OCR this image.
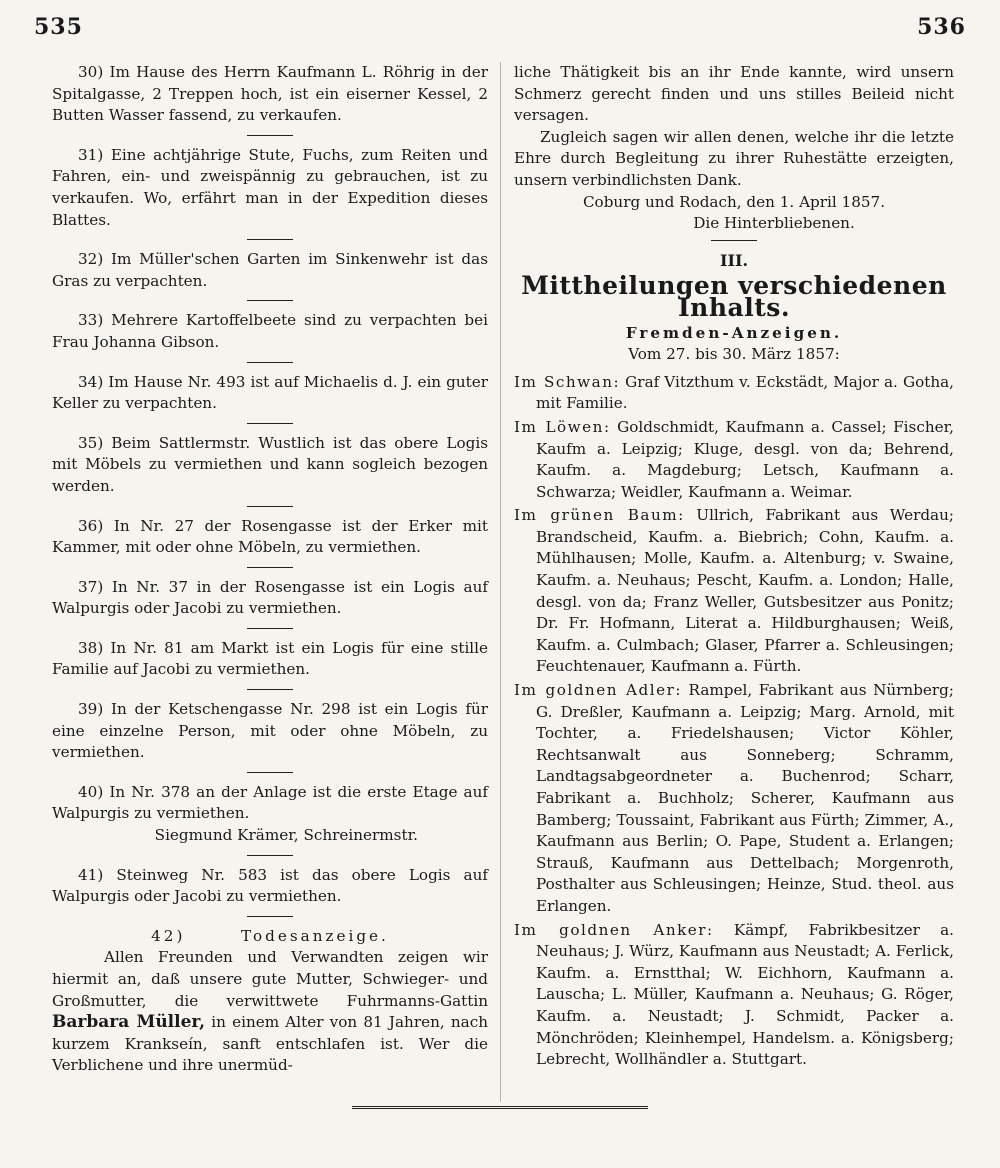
535	536

30) Im Hause des Herrn Kaufmann L. Röhrig in der Spitalgasse, 2 Treppen hoch, ist ein eiserner Kessel, 2 Butten Wasser fassend, zu verkaufen.

31) Eine achtjährige Stute, Fuchs, zum Reiten und Fahren, ein- und zweispännig zu gebrauchen, ist zu verkaufen. Wo, erfährt man in der Expedition dieses Blattes.

32) Im Müller'schen Garten im Sinkenwehr ist das Gras zu verpachten.

33) Mehrere Kartoffelbeete sind zu verpachten bei Frau Johanna Gibson.

34) Im Hause Nr. 493 ist auf Michaelis d. J. ein guter Keller zu verpachten.

35) Beim Sattlermstr. Wustlich ist das obere Logis mit Möbels zu vermiethen und kann sogleich bezogen werden.

36) In Nr. 27 der Rosengasse ist der Erker mit Kammer, mit oder ohne Möbeln, zu vermiethen.

37) In Nr. 37 in der Rosengasse ist ein Logis auf Walpurgis oder Jacobi zu vermiethen.

38) In Nr. 81 am Markt ist ein Logis für eine stille Familie auf Jacobi zu vermiethen.

39) In der Ketschengasse Nr. 298 ist ein Logis für eine einzelne Person, mit oder ohne Möbeln, zu vermiethen.

40) In Nr. 378 an der Anlage ist die erste Etage auf Walpurgis zu vermiethen.

Siegmund Krämer, Schreinermstr.

41) Steinweg Nr. 583 ist das obere Logis auf Walpurgis oder Jacobi zu vermiethen.

42)	Todesanzeige.

Allen Freunden und Verwandten zeigen wir hiermit an, daß unsere gute Mutter, Schwieger- und Großmutter, die verwittwete Fuhrmanns-Gattin Barbara Müller, in einem Alter von 81 Jahren, nach kurzem Krankseín, sanft entschlafen ist. Wer die Verblichene und ihre unermüd-

liche Thätigkeit bis an ihr Ende kannte, wird unsern Schmerz gerecht finden und uns stilles Beileid nicht versagen.

Zugleich sagen wir allen denen, welche ihr die letzte Ehre durch Begleitung zu ihrer Ruhestätte erzeigten, unsern verbindlichsten Dank.

Coburg und Rodach, den 1. April 1857.

Die Hinterbliebenen.

III.

Mittheilungen verschiedenen Inhalts.

Fremden-Anzeigen.

Vom 27. bis 30. März 1857:

Im Schwan: Graf Vitzthum v. Eckstädt, Major a. Gotha, mit Familie.

Im Löwen: Goldschmidt, Kaufmann a. Cassel; Fischer, Kaufm a. Leipzig; Kluge, desgl. von da; Behrend, Kaufm. a. Magdeburg; Letsch, Kaufmann a. Schwarza; Weidler, Kaufmann a. Weimar.

Im grünen Baum: Ullrich, Fabrikant aus Werdau; Brandscheid, Kaufm. a. Biebrich; Cohn, Kaufm. a. Mühlhausen; Molle, Kaufm. a. Altenburg; v. Swaine, Kaufm. a. Neuhaus; Pescht, Kaufm. a. London; Halle, desgl. von da; Franz Weller, Gutsbesitzer aus Ponitz; Dr. Fr. Hofmann, Literat a. Hildburghausen; Weiß, Kaufm. a. Culmbach; Glaser, Pfarrer a. Schleusingen; Feuchtenauer, Kaufmann a. Fürth.

Im goldnen Adler: Rampel, Fabrikant aus Nürnberg; G. Dreßler, Kaufmann a. Leipzig; Marg. Arnold, mit Tochter, a. Friedelshausen; Victor Köhler, Rechtsanwalt aus Sonneberg; Schramm, Landtagsabgeordneter a. Buchenrod; Scharr, Fabrikant a. Buchholz; Scherer, Kaufmann aus Bamberg; Toussaint, Fabrikant aus Fürth; Zimmer, A., Kaufmann aus Berlin; O. Pape, Student a. Erlangen; Strauß, Kaufmann aus Dettelbach; Morgenroth, Posthalter aus Schleusingen; Heinze, Stud. theol. aus Erlangen.

Im goldnen Anker: Kämpf, Fabrikbesitzer a. Neuhaus; J. Würz, Kaufmann aus Neustadt; A. Ferlick, Kaufm. a. Ernstthal; W. Eichhorn, Kaufmann a. Lauscha; L. Müller, Kaufmann a. Neuhaus; G. Röger, Kaufm. a. Neustadt; J. Schmidt, Packer a. Mönchröden; Kleinhempel, Handelsm. a. Königsberg; Lebrecht, Wollhändler a. Stuttgart.
